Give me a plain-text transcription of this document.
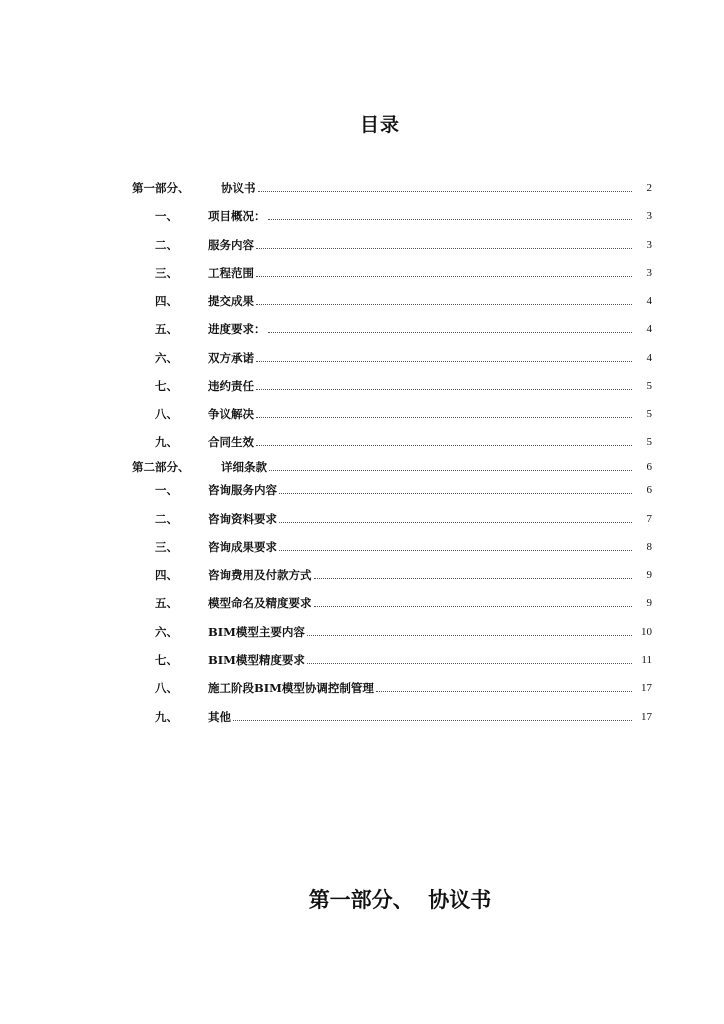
目录
第一部分、	协议书	2
一、	项目概况：	3
二、	服务内容	3
三、	工程范围	3
四、	提交成果	4
五、	进度要求：	4
六、	双方承诺	4
七、	违约责任	5
八、	争议解决	5
九、	合同生效	5
第二部分、	详细条款	6
一、	咨询服务内容	6
二、	咨询资料要求	7
三、	咨询成果要求	8
四、	咨询费用及付款方式	9
五、	模型命名及精度要求	9
六、	BIM模型主要内容	10
七、	BIM模型精度要求	11
八、	施工阶段BIM模型协调控制管理	17
九、	其他	17
第一部分、  协议书
